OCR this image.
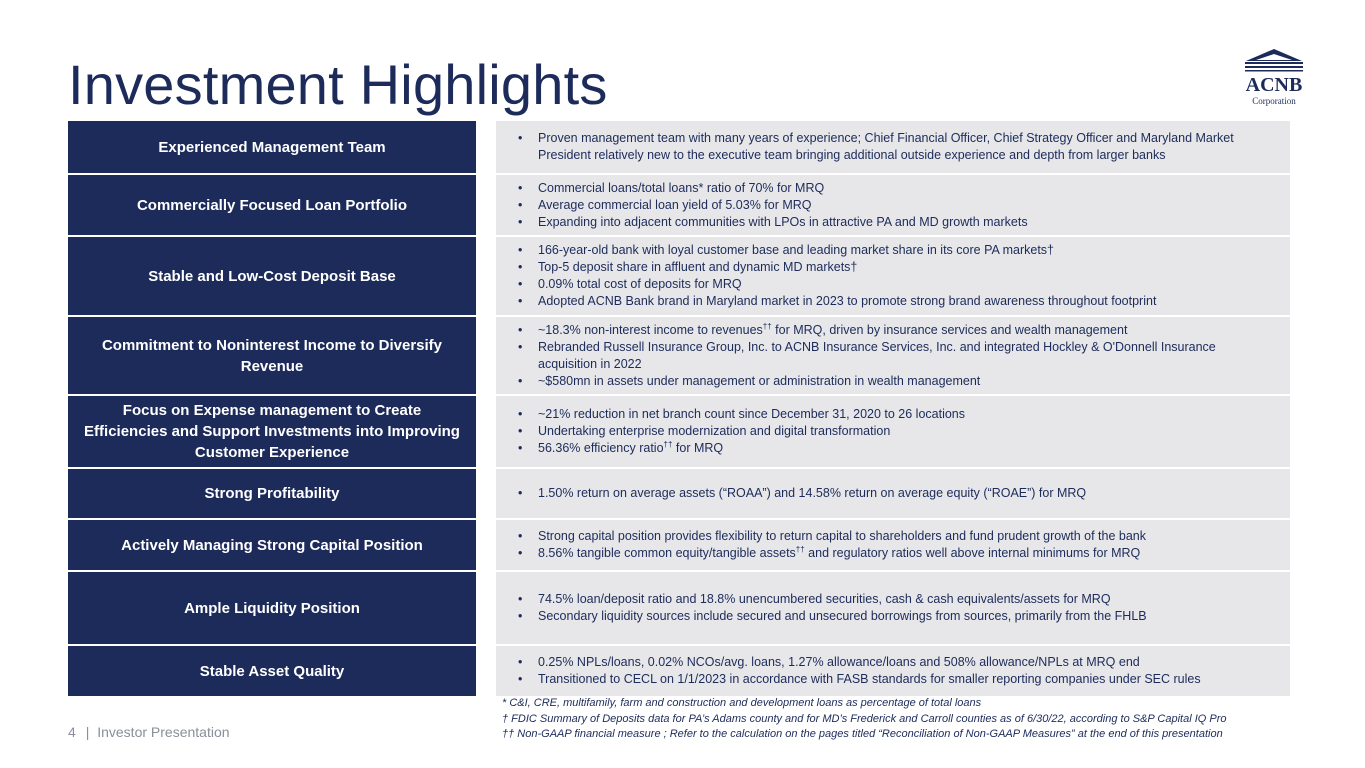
Investment Highlights	ACNB
Corporation
Experienced Management Team
• Proven management team with many years of experience; Chief Financial Officer, Chief Strategy Officer and Maryland Market President relatively new to the executive team bringing additional outside experience and depth from larger banks
Commercially Focused Loan Portfolio
• Commercial loans/total loans* ratio of 70% for MRQ
• Average commercial loan yield of 5.03% for MRQ
• Expanding into adjacent communities with LPOs in attractive PA and MD growth markets
Stable and Low-Cost Deposit Base
• 166-year-old bank with loyal customer base and leading market share in its core PA markets†
• Top-5 deposit share in affluent and dynamic MD markets†
• 0.09% total cost of deposits for MRQ
• Adopted ACNB Bank brand in Maryland market in 2023 to promote strong brand awareness throughout footprint
Commitment to Noninterest Income to Diversify Revenue
• ~18.3% non-interest income to revenues†† for MRQ, driven by insurance services and wealth management
• Rebranded Russell Insurance Group, Inc. to ACNB Insurance Services, Inc. and integrated Hockley & O'Donnell Insurance acquisition in 2022
• ~$580mn in assets under management or administration in wealth management
Focus on Expense management to Create Efficiencies and Support Investments into Improving Customer Experience
• ~21% reduction in net branch count since December 31, 2020 to 26 locations
• Undertaking enterprise modernization and digital transformation
• 56.36% efficiency ratio†† for MRQ
Strong Profitability	• 1.50% return on average assets (“ROAA”) and 14.58% return on average equity (“ROAE”) for MRQ
Actively Managing Strong Capital Position
• Strong capital position provides flexibility to return capital to shareholders and fund prudent growth of the bank
• 8.56% tangible common equity/tangible assets†† and regulatory ratios well above internal minimums for MRQ
Ample Liquidity Position
• 74.5% loan/deposit ratio and 18.8% unencumbered securities, cash & cash equivalents/assets for MRQ
• Secondary liquidity sources include secured and unsecured borrowings from sources, primarily from the FHLB
Stable Asset Quality
• 0.25% NPLs/loans, 0.02% NCOs/avg. loans, 1.27% allowance/loans and 508% allowance/NPLs at MRQ end
• Transitioned to CECL on 1/1/2023 in accordance with FASB standards for smaller reporting companies under SEC rules
* C&I, CRE, multifamily, farm and construction and development loans as percentage of total loans
† FDIC Summary of Deposits data for PA’s Adams county and for MD’s Frederick and Carroll counties as of 6/30/22, according to S&P Capital IQ Pro
†† Non-GAAP financial measure ; Refer to the calculation on the pages titled “Reconciliation of Non-GAAP Measures” at the end of this presentation
4 | Investor Presentation
